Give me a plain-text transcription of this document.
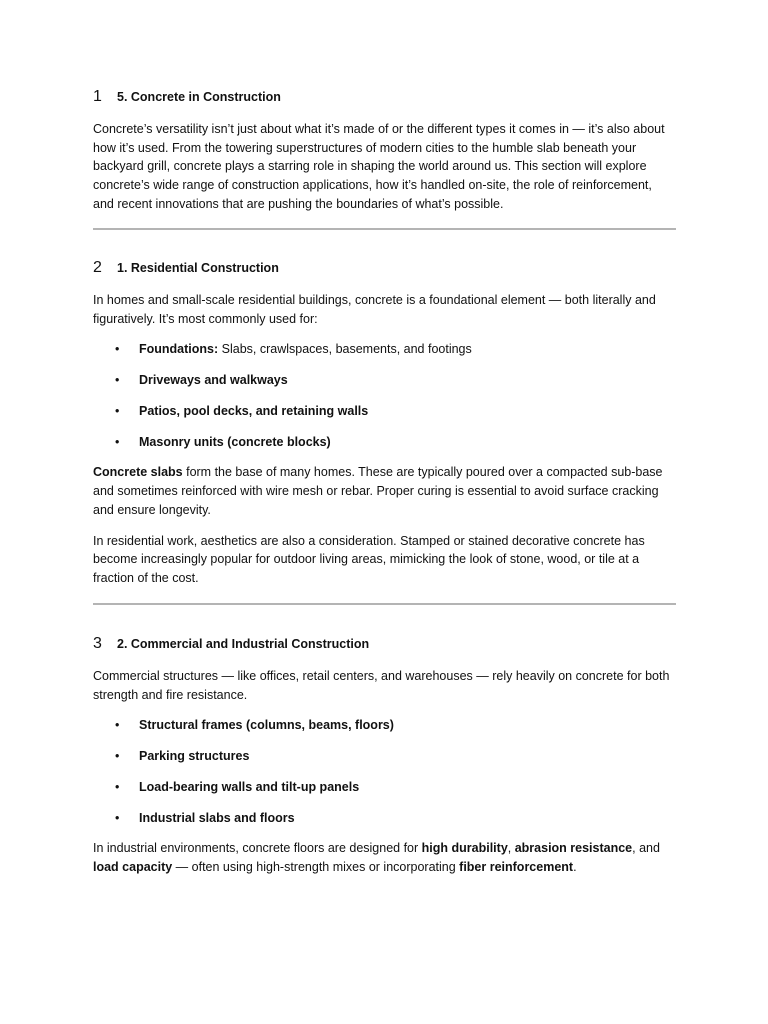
1	5. Concrete in Construction

Concrete’s versatility isn’t just about what it’s made of or the different types it comes in — it’s also about how it’s used. From the towering superstructures of modern cities to the humble slab beneath your backyard grill, concrete plays a starring role in shaping the world around us. This section will explore concrete’s wide range of construction applications, how it’s handled on-site, the role of reinforcement, and recent innovations that are pushing the boundaries of what’s possible.

2	1. Residential Construction

In homes and small-scale residential buildings, concrete is a foundational element — both literally and figuratively. It’s most commonly used for:

• Foundations: Slabs, crawlspaces, basements, and footings
• Driveways and walkways
• Patios, pool decks, and retaining walls
• Masonry units (concrete blocks)

Concrete slabs form the base of many homes. These are typically poured over a compacted sub-base and sometimes reinforced with wire mesh or rebar. Proper curing is essential to avoid surface cracking and ensure longevity.

In residential work, aesthetics are also a consideration. Stamped or stained decorative concrete has become increasingly popular for outdoor living areas, mimicking the look of stone, wood, or tile at a fraction of the cost.

3	2. Commercial and Industrial Construction

Commercial structures — like offices, retail centers, and warehouses — rely heavily on concrete for both strength and fire resistance.

• Structural frames (columns, beams, floors)
• Parking structures
• Load-bearing walls and tilt-up panels
• Industrial slabs and floors

In industrial environments, concrete floors are designed for high durability, abrasion resistance, and load capacity — often using high-strength mixes or incorporating fiber reinforcement.
